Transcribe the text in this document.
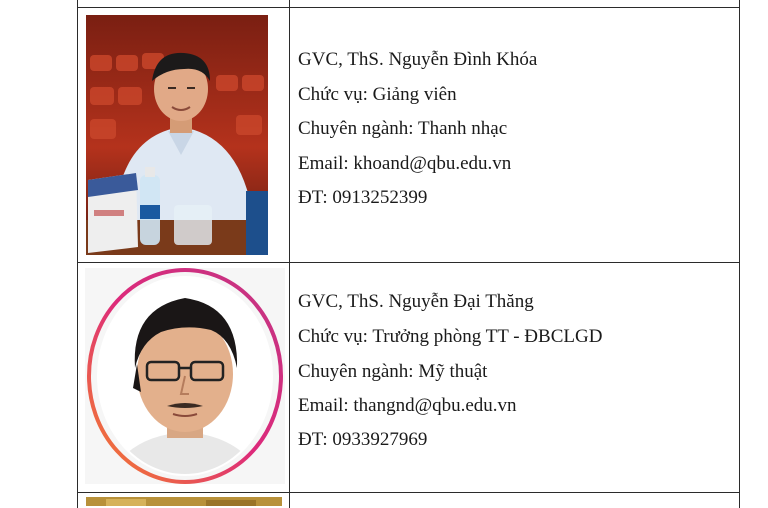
GVC, ThS. Nguyễn Đình Khóa
Chức vụ: Giảng viên
Chuyên ngành: Thanh nhạc
Email: khoand@qbu.edu.vn
ĐT: 0913252399
GVC, ThS. Nguyễn Đại Thăng
Chức vụ: Trưởng phòng TT - ĐBCLGD
Chuyên ngành: Mỹ thuật
Email: thangnd@qbu.edu.vn
ĐT: 0933927969
